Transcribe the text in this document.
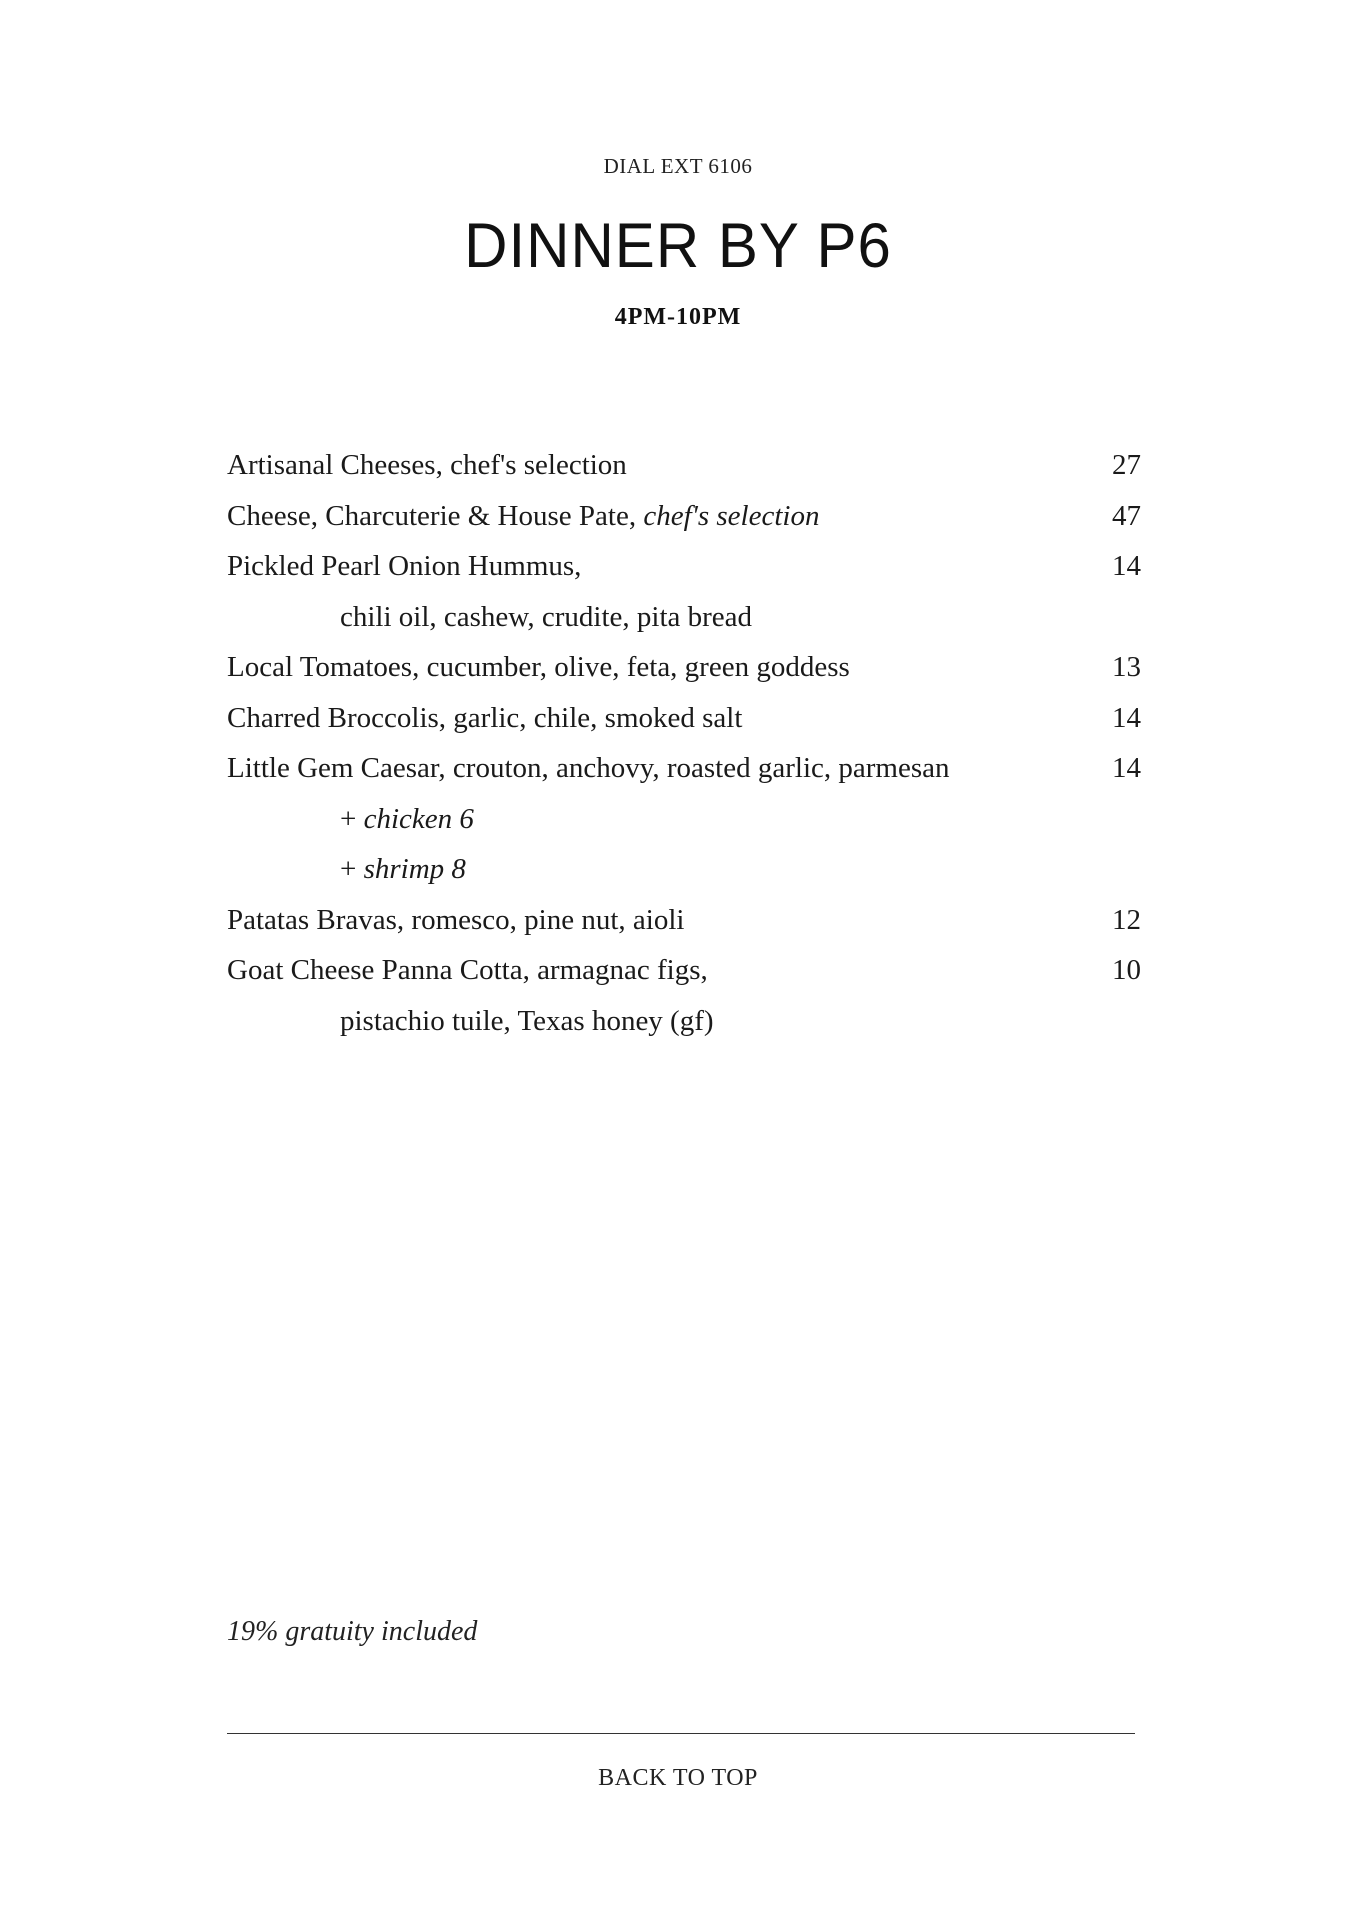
DIAL EXT 6106
DINNER BY P6
4PM-10PM
Artisanal Cheeses, chef's selection	27
Cheese, Charcuterie & House Pate, chef's selection	47
Pickled Pearl Onion Hummus,	14
chili oil, cashew, crudite, pita bread
Local Tomatoes, cucumber, olive, feta, green goddess	13
Charred Broccolis, garlic, chile, smoked salt	14
Little Gem Caesar, crouton, anchovy, roasted garlic, parmesan	14
+ chicken 6
+ shrimp 8
Patatas Bravas, romesco, pine nut, aioli	12
Goat Cheese Panna Cotta, armagnac figs,	10
pistachio tuile, Texas honey (gf)
19% gratuity included
BACK TO TOP
